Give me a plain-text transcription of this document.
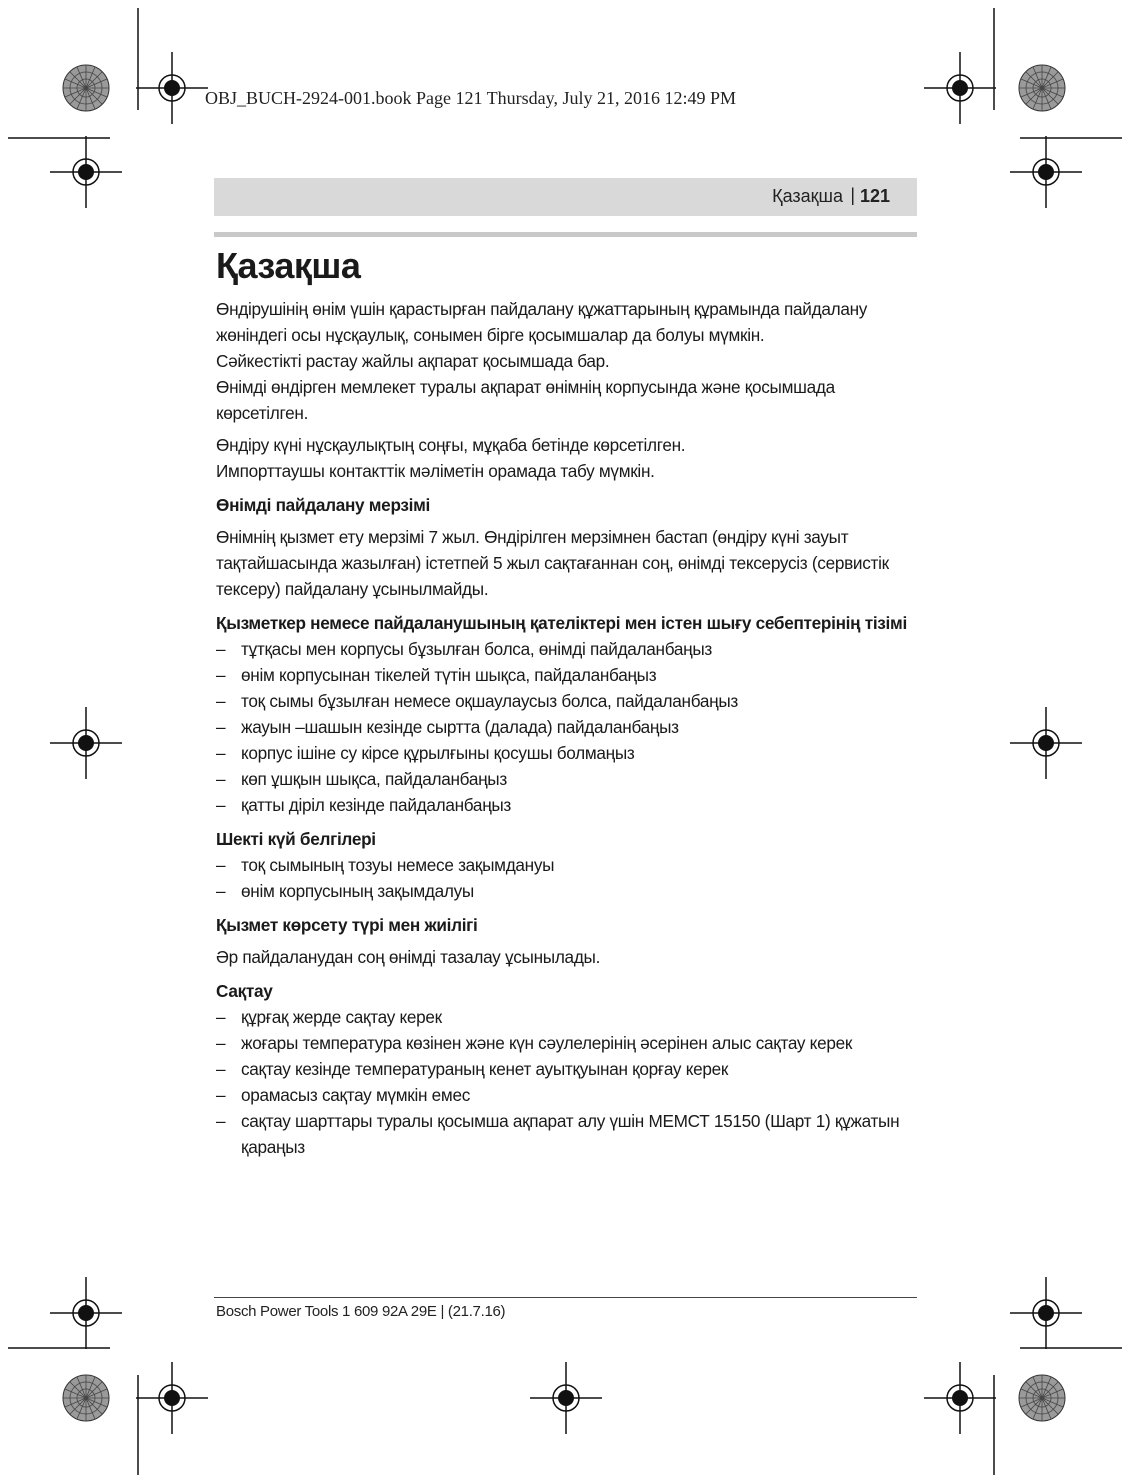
OBJ_BUCH-2924-001.book Page 121 Thursday, July 21, 2016 12:49 PM
Қазақша | 121
Қазақша

Өндірушінің өнім үшін қарастырған пайдалану құжаттарының құрамында пайдалану жөніндегі осы нұсқаулық, сонымен бірге қосымшалар да болуы мүмкін.

Сәйкестікті растау жайлы ақпарат қосымшада бар.

Өнімді өндірген мемлекет туралы ақпарат өнімнің корпусында және қосымшада көрсетілген.

Өндіру күні нұсқаулықтың соңғы, мұқаба бетінде көрсетілген.

Импорттаушы контакттік мәліметін орамада табу мүмкін.

Өнімді пайдалану мерзімі

Өнімнің қызмет ету мерзімі 7 жыл. Өндірілген мерзімнен бастап (өндіру күні зауыт тақтайшасында жазылған) істетпей 5 жыл сақтағаннан соң, өнімді тексерусіз (сервистік тексеру) пайдалану ұсынылмайды.

Қызметкер немесе пайдаланушының қателіктері мен істен шығу себептерінің тізімі
– тұтқасы мен корпусы бұзылған болса, өнімді пайдаланбаңыз
– өнім корпусынан тікелей түтін шықса, пайдаланбаңыз
– тоқ сымы бұзылған немесе оқшаулаусыз болса, пайдаланбаңыз
– жауын –шашын кезінде сыртта (далада) пайдаланбаңыз
– корпус ішіне су кірсе құрылғыны қосушы болмаңыз
– көп ұшқын шықса, пайдаланбаңыз
– қатты діріл кезінде пайдаланбаңыз
Шекті күй белгілері
– тоқ сымының тозуы немесе зақымдануы
– өнім корпусының зақымдалуы
Қызмет көрсету түрі мен жиілігі

Әр пайдаланудан соң өнімді тазалау ұсынылады.

Сақтау
– құрғақ жерде сақтау керек
– жоғары температура көзінен және күн сәулелерінің әсерінен алыс сақтау керек
– сақтау кезінде температураның кенет ауытқуынан қорғау керек
– орамасыз сақтау мүмкін емес
– сақтау шарттары туралы қосымша ақпарат алу үшін МЕМСТ 15150 (Шарт 1) құжатын қараңыз
Bosch Power Tools 1 609 92A 29E | (21.7.16)
